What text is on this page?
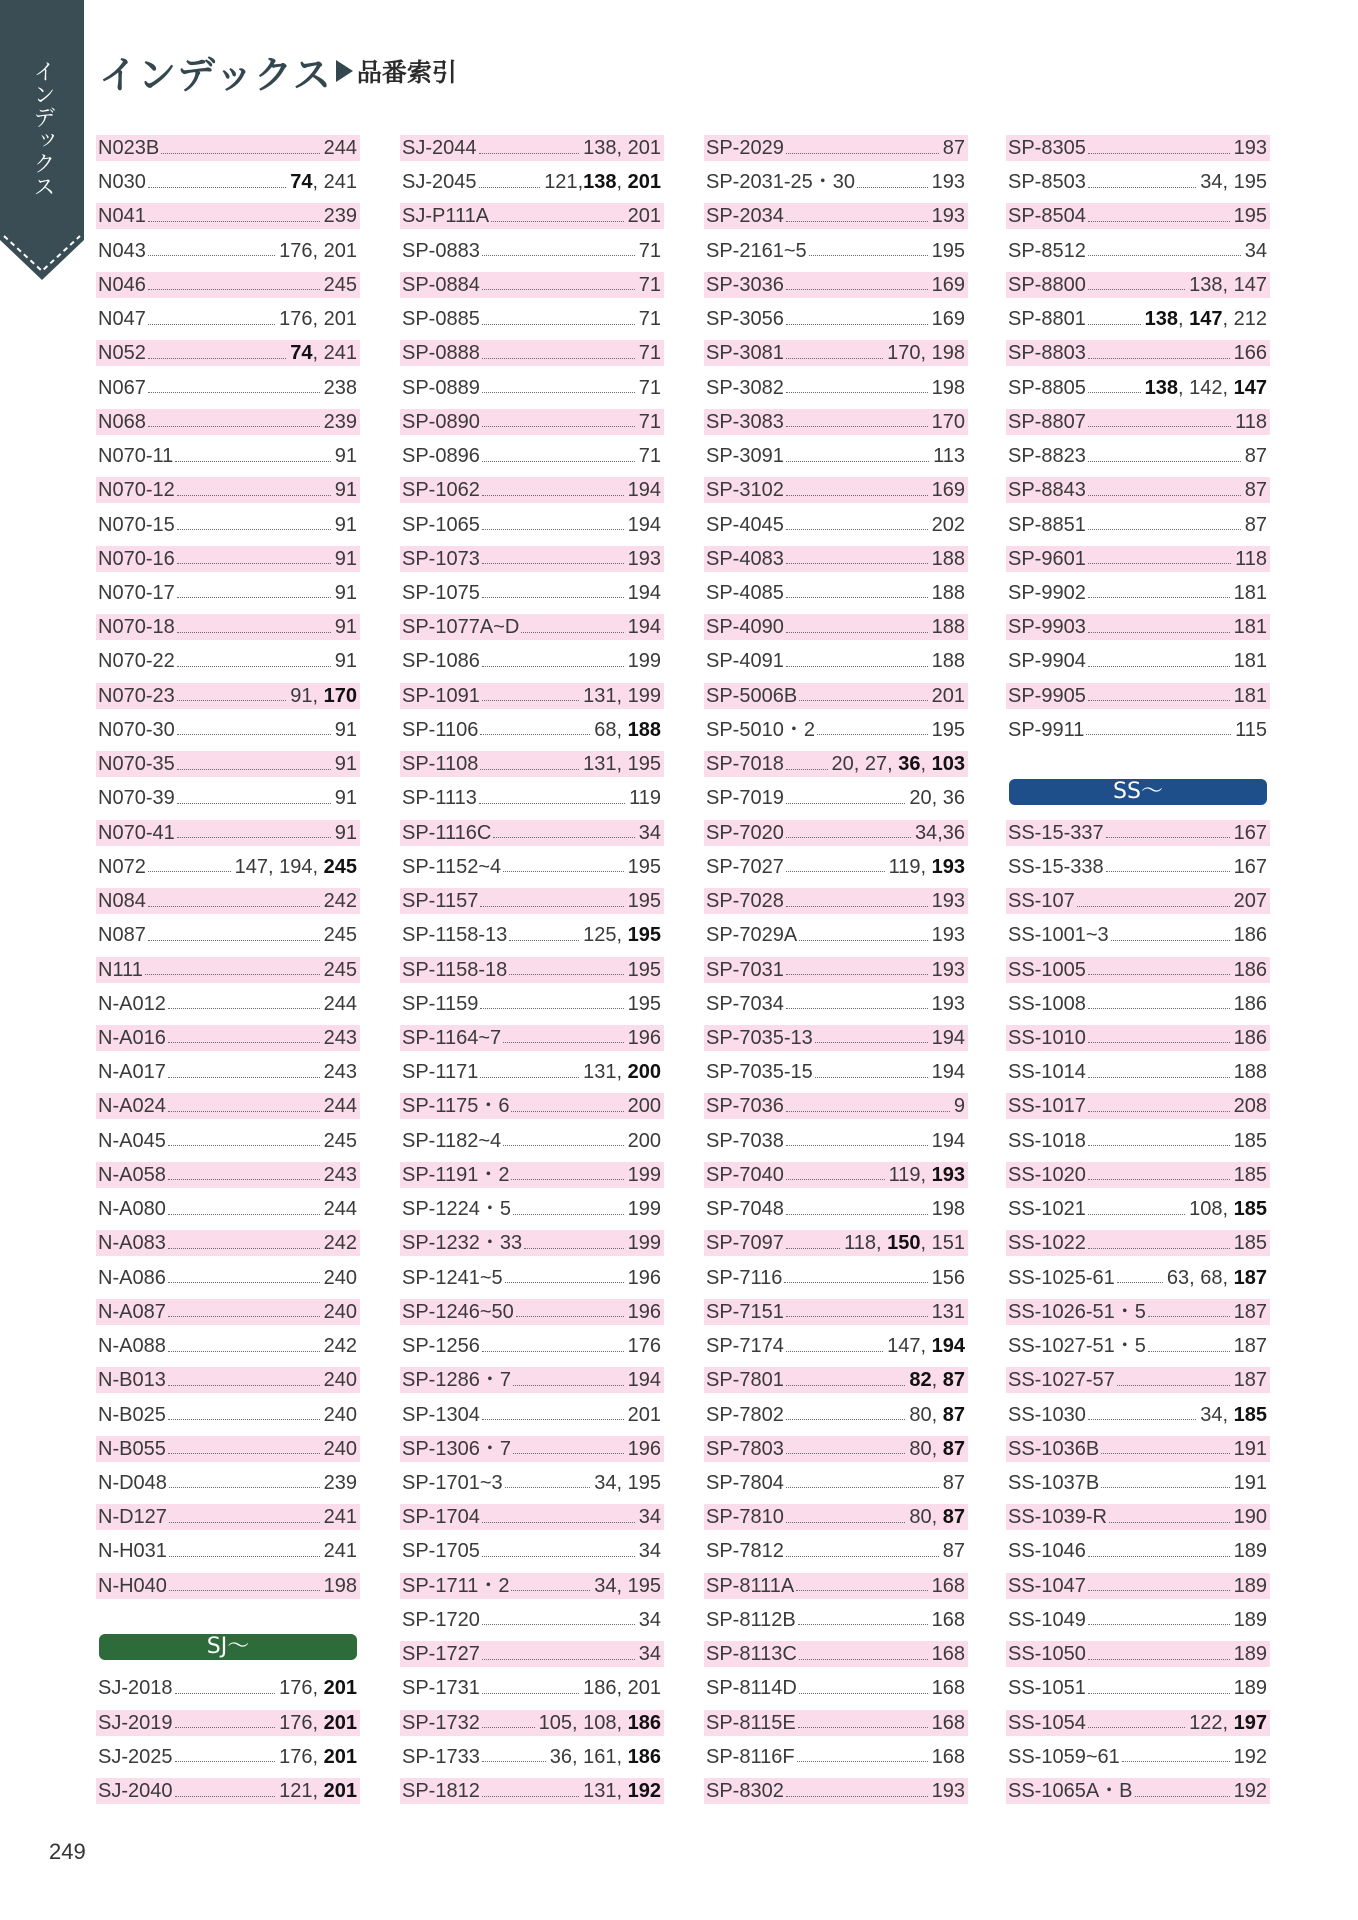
インデックス インデックス 品番索引
N023B	244
N030	74, 241
N041	239
N043	176, 201
N046	245
N047	176, 201
N052	74, 241
N067	238
N068	239
N070-11	91
N070-12	91
N070-15	91
N070-16	91
N070-17	91
N070-18	91
N070-22	91
N070-23	91, 170
N070-30	91
N070-35	91
N070-39	91
N070-41	91
N072	147, 194, 245
N084	242
N087	245
N111	245
N-A012	244
N-A016	243
N-A017	243
N-A024	244
N-A045	245
N-A058	243
N-A080	244
N-A083	242
N-A086	240
N-A087	240
N-A088	242
N-B013	240
N-B025	240
N-B055	240
N-D048	239
N-D127	241
N-H031	241
N-H040	198
SJ～
SJ-2018	176, 201
SJ-2019	176, 201
SJ-2025	176, 201
SJ-2040	121, 201
SJ-2044	138, 201
SJ-2045	121,138, 201
SJ-P111A	201
SP-0883	71
SP-0884	71
SP-0885	71
SP-0888	71
SP-0889	71
SP-0890	71
SP-0896	71
SP-1062	194
SP-1065	194
SP-1073	193
SP-1075	194
SP-1077A~D	194
SP-1086	199
SP-1091	131, 199
SP-1106	68, 188
SP-1108	131, 195
SP-1113	119
SP-1116C	34
SP-1152~4	195
SP-1157	195
SP-1158-13	125, 195
SP-1158-18	195
SP-1159	195
SP-1164~7	196
SP-1171	131, 200
SP-1175・6	200
SP-1182~4	200
SP-1191・2	199
SP-1224・5	199
SP-1232・33	199
SP-1241~5	196
SP-1246~50	196
SP-1256	176
SP-1286・7	194
SP-1304	201
SP-1306・7	196
SP-1701~3	34, 195
SP-1704	34
SP-1705	34
SP-1711・2	34, 195
SP-1720	34
SP-1727	34
SP-1731	186, 201
SP-1732	105, 108, 186
SP-1733	36, 161, 186
SP-1812	131, 192
SP-2029	87
SP-2031-25・30	193
SP-2034	193
SP-2161~5	195
SP-3036	169
SP-3056	169
SP-3081	170, 198
SP-3082	198
SP-3083	170
SP-3091	113
SP-3102	169
SP-4045	202
SP-4083	188
SP-4085	188
SP-4090	188
SP-4091	188
SP-5006B	201
SP-5010・2	195
SP-7018 20, 27, 36, 103
SP-7019	20, 36
SP-7020	34,36
SP-7027	119, 193
SP-7028	193
SP-7029A	193
SP-7031	193
SP-7034	193
SP-7035-13	194
SP-7035-15	194
SP-7036	9
SP-7038	194
SP-7040	119, 193
SP-7048	198
SP-7097	118, 150, 151
SP-7116	156
SP-7151	131
SP-7174	147, 194
SP-7801	82, 87
SP-7802	80, 87
SP-7803	80, 87
SP-7804	87
SP-7810	80, 87
SP-7812	87
SP-8111A	168
SP-8112B	168
SP-8113C	168
SP-8114D	168
SP-8115E	168
SP-8116F	168
SP-8302	193
SP-8305	193
SP-8503	34, 195
SP-8504	195
SP-8512	34
SP-8800	138, 147
SP-8801	138, 147, 212
SP-8803	166
SP-8805	138, 142, 147
SP-8807	118
SP-8823	87
SP-8843	87
SP-8851	87
SP-9601	118
SP-9902	181
SP-9903	181
SP-9904	181
SP-9905	181
SP-9911	115
SS～
SS-15-337	167
SS-15-338	167
SS-107	207
SS-1001~3	186
SS-1005	186
SS-1008	186
SS-1010	186
SS-1014	188
SS-1017	208
SS-1018	185
SS-1020	185
SS-1021	108, 185
SS-1022	185
SS-1025-61	63, 68, 187
SS-1026-51・5	187
SS-1027-51・5	187
SS-1027-57	187
SS-1030	34, 185
SS-1036B	191
SS-1037B	191
SS-1039-R	190
SS-1046	189
SS-1047	189
SS-1049	189
SS-1050	189
SS-1051	189
SS-1054	122, 197
SS-1059~61	192
SS-1065A・B	192
249
